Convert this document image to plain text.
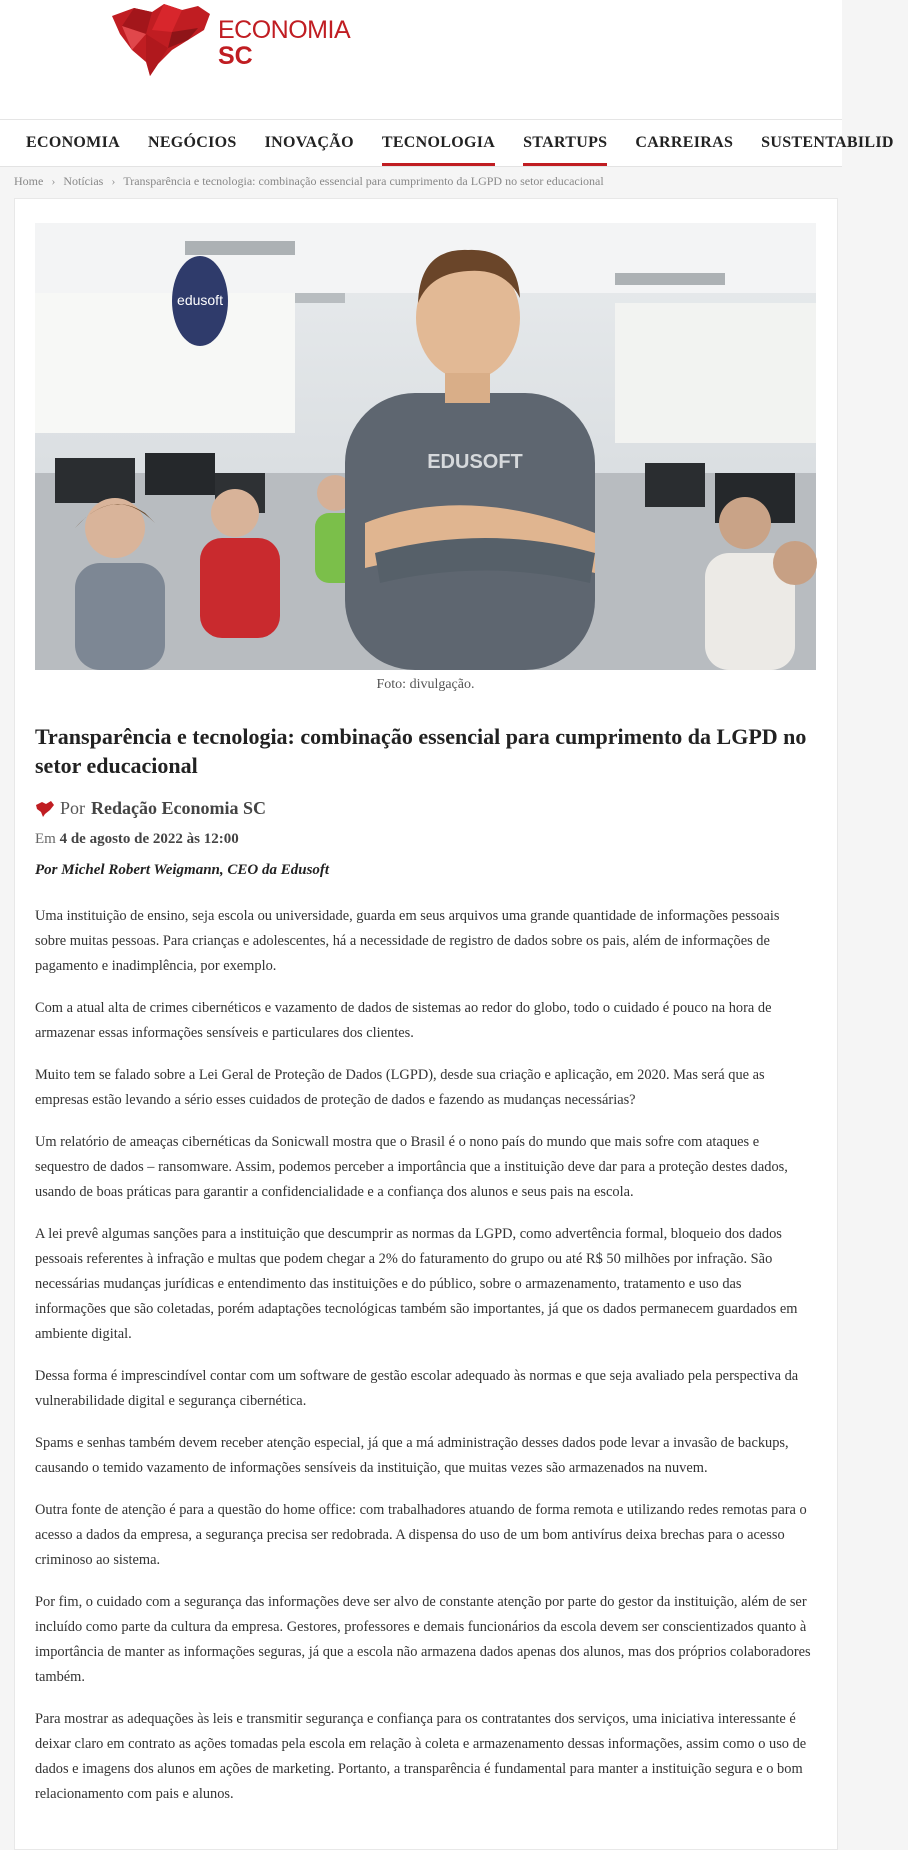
ECONOMIA
SC
ECONOMIA	NEGÓCIOS	INOVAÇÃO	TECNOLOGIA	STARTUPS	CARREIRAS	SUSTENTABILID
Home › Notícias › Transparência e tecnologia: combinação essencial para cumprimento da LGPD no setor educacional
edusoft
EDUSOFT
Foto: divulgação.
Transparência e tecnologia: combinação essencial para cumprimento da LGPD no setor educacional
Por Redação Economia SC
Em 4 de agosto de 2022 às 12:00
Por Michel Robert Weigmann, CEO da Edusoft

Uma instituição de ensino, seja escola ou universidade, guarda em seus arquivos uma grande quantidade de informações pessoais sobre muitas pessoas. Para crianças e adolescentes, há a necessidade de registro de dados sobre os pais, além de informações de pagamento e inadimplência, por exemplo.

Com a atual alta de crimes cibernéticos e vazamento de dados de sistemas ao redor do globo, todo o cuidado é pouco na hora de armazenar essas informações sensíveis e particulares dos clientes.

Muito tem se falado sobre a Lei Geral de Proteção de Dados (LGPD), desde sua criação e aplicação, em 2020. Mas será que as empresas estão levando a sério esses cuidados de proteção de dados e fazendo as mudanças necessárias?

Um relatório de ameaças cibernéticas da Sonicwall mostra que o Brasil é o nono país do mundo que mais sofre com ataques e sequestro de dados – ransomware. Assim, podemos perceber a importância que a instituição deve dar para a proteção destes dados, usando de boas práticas para garantir a confidencialidade e a confiança dos alunos e seus pais na escola.

A lei prevê algumas sanções para a instituição que descumprir as normas da LGPD, como advertência formal, bloqueio dos dados pessoais referentes à infração e multas que podem chegar a 2% do faturamento do grupo ou até R$ 50 milhões por infração. São necessárias mudanças jurídicas e entendimento das instituições e do público, sobre o armazenamento, tratamento e uso das informações que são coletadas, porém adaptações tecnológicas também são importantes, já que os dados permanecem guardados em ambiente digital.

Dessa forma é imprescindível contar com um software de gestão escolar adequado às normas e que seja avaliado pela perspectiva da vulnerabilidade digital e segurança cibernética.

Spams e senhas também devem receber atenção especial, já que a má administração desses dados pode levar a invasão de backups, causando o temido vazamento de informações sensíveis da instituição, que muitas vezes são armazenados na nuvem.

Outra fonte de atenção é para a questão do home office: com trabalhadores atuando de forma remota e utilizando redes remotas para o acesso a dados da empresa, a segurança precisa ser redobrada. A dispensa do uso de um bom antivírus deixa brechas para o acesso criminoso ao sistema.

Por fim, o cuidado com a segurança das informações deve ser alvo de constante atenção por parte do gestor da instituição, além de ser incluído como parte da cultura da empresa. Gestores, professores e demais funcionários da escola devem ser conscientizados quanto à importância de manter as informações seguras, já que a escola não armazena dados apenas dos alunos, mas dos próprios colaboradores também.

Para mostrar as adequações às leis e transmitir segurança e confiança para os contratantes dos serviços, uma iniciativa interessante é deixar claro em contrato as ações tomadas pela escola em relação à coleta e armazenamento dessas informações, assim como o uso de dados e imagens dos alunos em ações de marketing. Portanto, a transparência é fundamental para manter a instituição segura e o bom relacionamento com pais e alunos.
